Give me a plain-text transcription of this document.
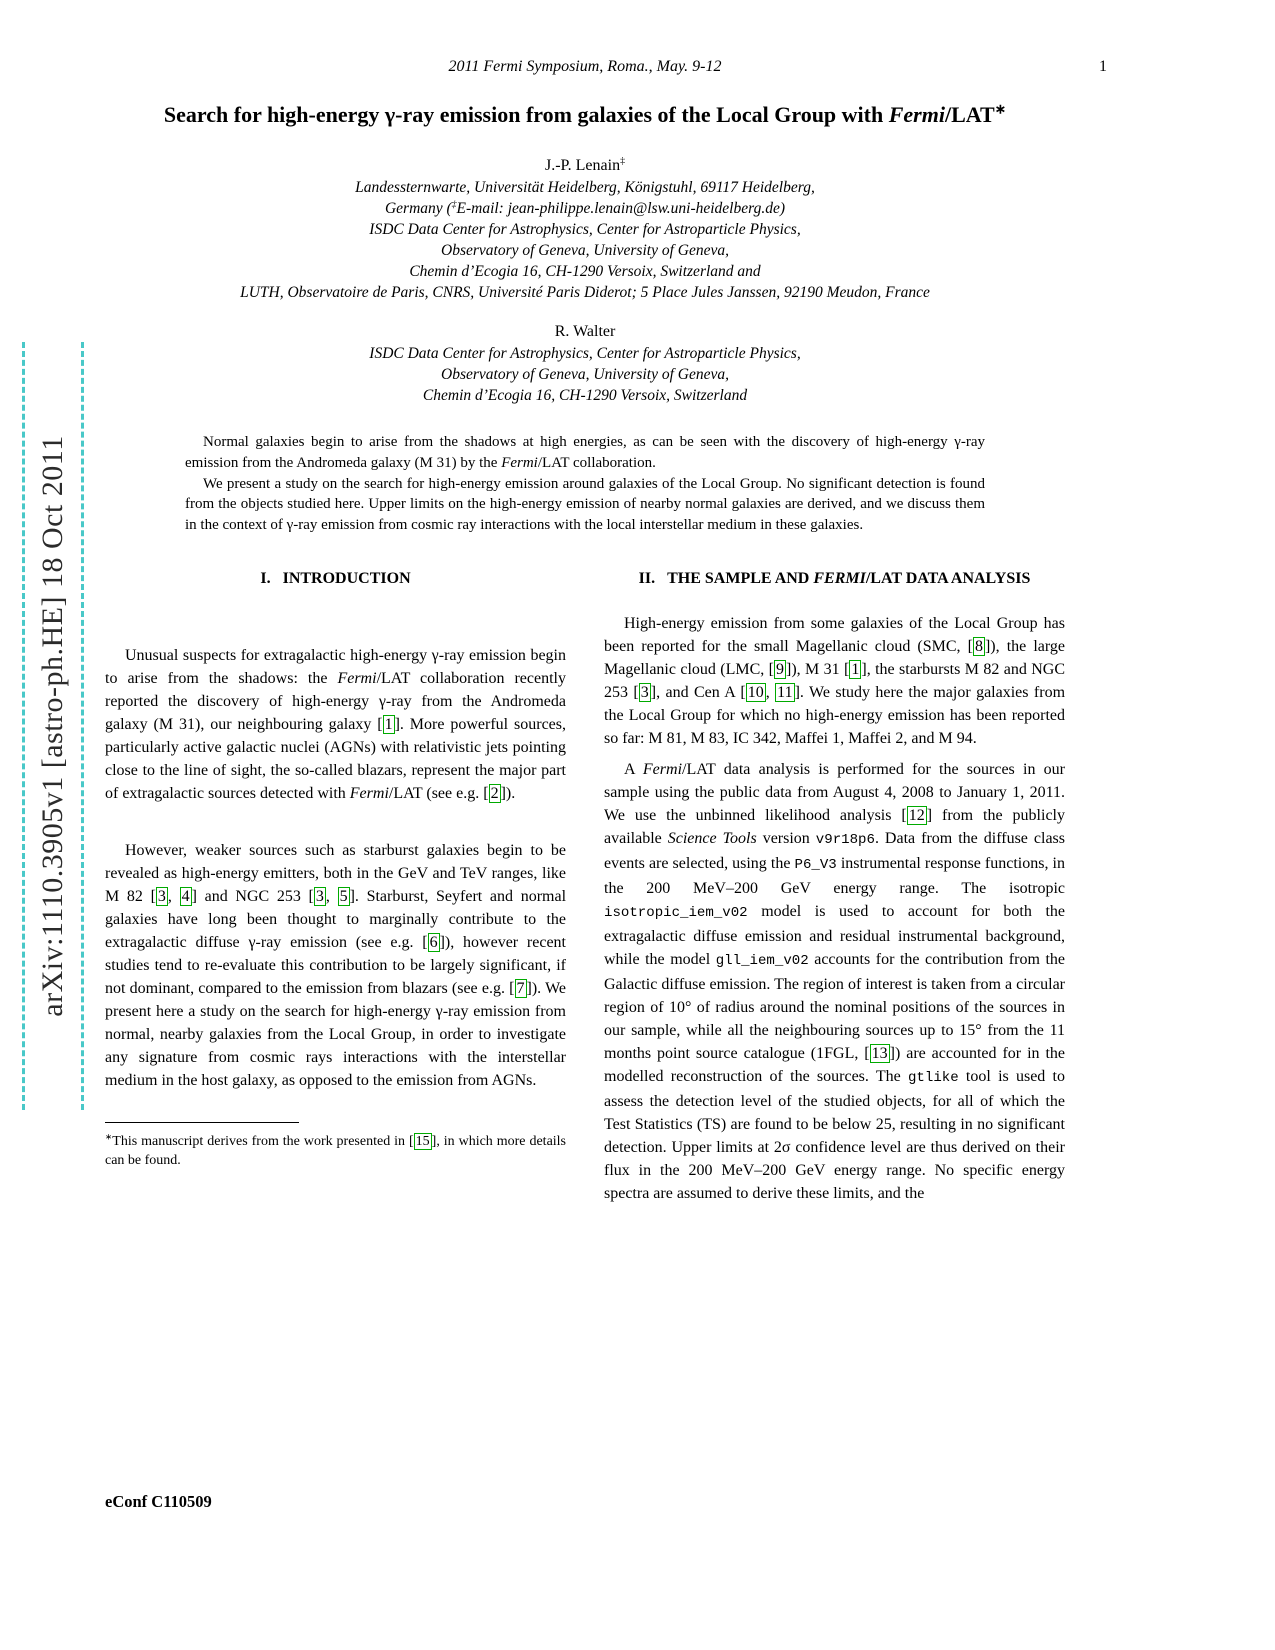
2011 Fermi Symposium, Roma., May. 9-12	1
arXiv:1110.3905v1 [astro-ph.HE] 18 Oct 2011
Search for high-energy γ-ray emission from galaxies of the Local Group with Fermi/LAT∗
J.-P. Lenain‡
Landessternwarte, Universität Heidelberg, Königstuhl, 69117 Heidelberg,
Germany (‡E-mail: jean-philippe.lenain@lsw.uni-heidelberg.de)
ISDC Data Center for Astrophysics, Center for Astroparticle Physics,
Observatory of Geneva, University of Geneva,
Chemin d’Ecogia 16, CH-1290 Versoix, Switzerland and
LUTH, Observatoire de Paris, CNRS, Université Paris Diderot; 5 Place Jules Janssen, 92190 Meudon, France
R. Walter
ISDC Data Center for Astrophysics, Center for Astroparticle Physics,
Observatory of Geneva, University of Geneva,
Chemin d’Ecogia 16, CH-1290 Versoix, Switzerland

Normal galaxies begin to arise from the shadows at high energies, as can be seen with the discovery of high-energy γ-ray emission from the Andromeda galaxy (M 31) by the Fermi/LAT collaboration.

We present a study on the search for high-energy emission around galaxies of the Local Group. No significant detection is found from the objects studied here. Upper limits on the high-energy emission of nearby normal galaxies are derived, and we discuss them in the context of γ-ray emission from cosmic ray interactions with the local interstellar medium in these galaxies.

I.   INTRODUCTION

Unusual suspects for extragalactic high-energy γ-ray emission begin to arise from the shadows: the Fermi/LAT collaboration recently reported the discovery of high-energy γ-ray from the Andromeda galaxy (M 31), our neighbouring galaxy [ 1 ]. More powerful sources, particularly active galactic nuclei (AGNs) with relativistic jets pointing close to the line of sight, the so-called blazars, represent the major part of extragalactic sources detected with Fermi/LAT (see e.g. [ 2 ]).

However, weaker sources such as starburst galaxies begin to be revealed as high-energy emitters, both in the GeV and TeV ranges, like M 82 [ 3 , 4 ] and NGC 253 [ 3 , 5 ]. Starburst, Seyfert and normal galaxies have long been thought to marginally contribute to the extragalactic diffuse γ-ray emission (see e.g. [ 6 ]), however recent studies tend to re-evaluate this contribution to be largely significant, if not dominant, compared to the emission from blazars (see e.g. [ 7 ]). We present here a study on the search for high-energy γ-ray emission from normal, nearby galaxies from the Local Group, in order to investigate any signature from cosmic rays interactions with the interstellar medium in the host galaxy, as opposed to the emission from AGNs.

∗This manuscript derives from the work presented in [ 15 ], in which more details can be found.

II.   THE SAMPLE AND FERMI/LAT DATA ANALYSIS

High-energy emission from some galaxies of the Local Group has been reported for the small Magellanic cloud (SMC, [ 8 ]), the large Magellanic cloud (LMC, [ 9 ]), M 31 [ 1 ], the starbursts M 82 and NGC 253 [ 3 ], and Cen A [ 10 , 11 ]. We study here the major galaxies from the Local Group for which no high-energy emission has been reported so far: M 81, M 83, IC 342, Maffei 1, Maffei 2, and M 94.

A Fermi/LAT data analysis is performed for the sources in our sample using the public data from August 4, 2008 to January 1, 2011. We use the unbinned likelihood analysis [ 12 ] from the publicly available Science Tools version v9r18p6. Data from the diffuse class events are selected, using the P6_V3 instrumental response functions, in the 200 MeV–200 GeV energy range. The isotropic isotropic_iem_v02 model is used to account for both the extragalactic diffuse emission and residual instrumental background, while the model gll_iem_v02 accounts for the contribution from the Galactic diffuse emission. The region of interest is taken from a circular region of 10° of radius around the nominal positions of the sources in our sample, while all the neighbouring sources up to 15° from the 11 months point source catalogue (1FGL, [ 13 ]) are accounted for in the modelled reconstruction of the sources. The gtlike tool is used to assess the detection level of the studied objects, for all of which the Test Statistics (TS) are found to be below 25, resulting in no significant detection. Upper limits at 2σ confidence level are thus derived on their flux in the 200 MeV–200 GeV energy range. No specific energy spectra are assumed to derive these limits, and the

eConf C110509
